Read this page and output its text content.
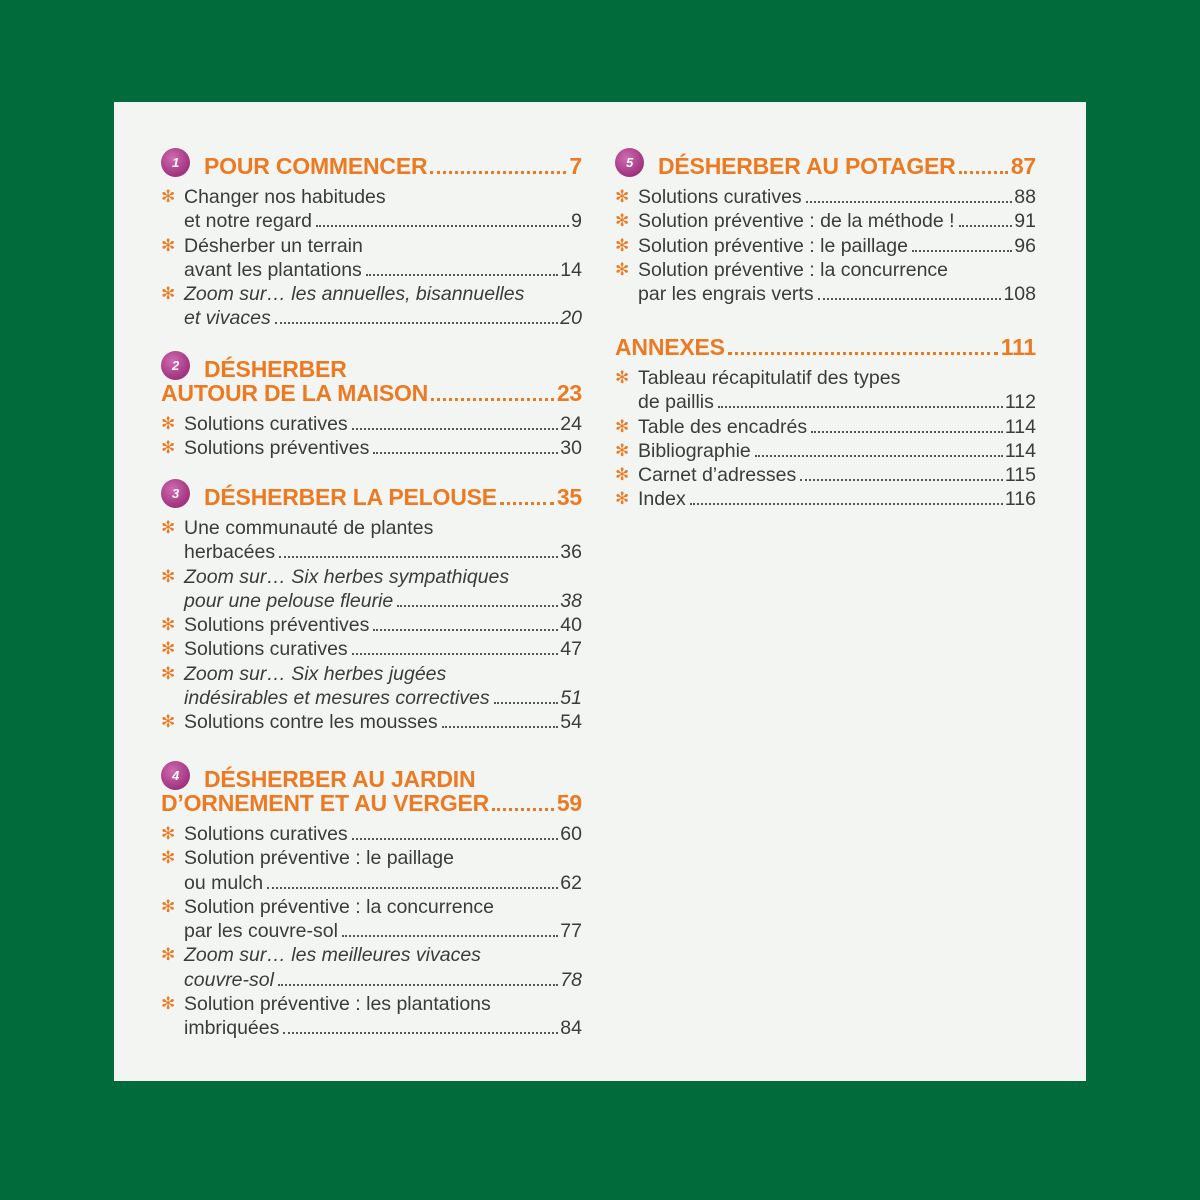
1	POUR COMMENCER	7
✻ Changer nos habitudes
et notre regard	9
✻ Désherber un terrain
avant les plantations	14
✻ Zoom sur… les annuelles, bisannuelles
et vivaces	20
2	DÉSHERBER
AUTOUR DE LA MAISON	23
✻ Solutions curatives	24
✻ Solutions préventives	30
3	DÉSHERBER LA PELOUSE	35
✻ Une communauté de plantes
herbacées	36
✻ Zoom sur… Six herbes sympathiques
pour une pelouse fleurie	38
✻ Solutions préventives	40
✻ Solutions curatives	47
✻ Zoom sur… Six herbes jugées
indésirables et mesures correctives	51
✻ Solutions contre les mousses	54
4	DÉSHERBER AU JARDIN
D’ORNEMENT ET AU VERGER	59
✻ Solutions curatives	60
✻ Solution préventive : le paillage
ou mulch	62
✻ Solution préventive : la concurrence
par les couvre-sol	77
✻ Zoom sur… les meilleures vivaces
couvre-sol	78
✻ Solution préventive : les plantations
imbriquées	84
5	DÉSHERBER AU POTAGER 87
✻ Solutions curatives	88
✻ Solution préventive : de la méthode !	91
✻ Solution préventive : le paillage	96
✻ Solution préventive : la concurrence
par les engrais verts	108
ANNEXES	111
✻ Tableau récapitulatif des types
de paillis	112
✻ Table des encadrés	114
✻ Bibliographie	114
✻ Carnet d’adresses	115
✻ Index	116
